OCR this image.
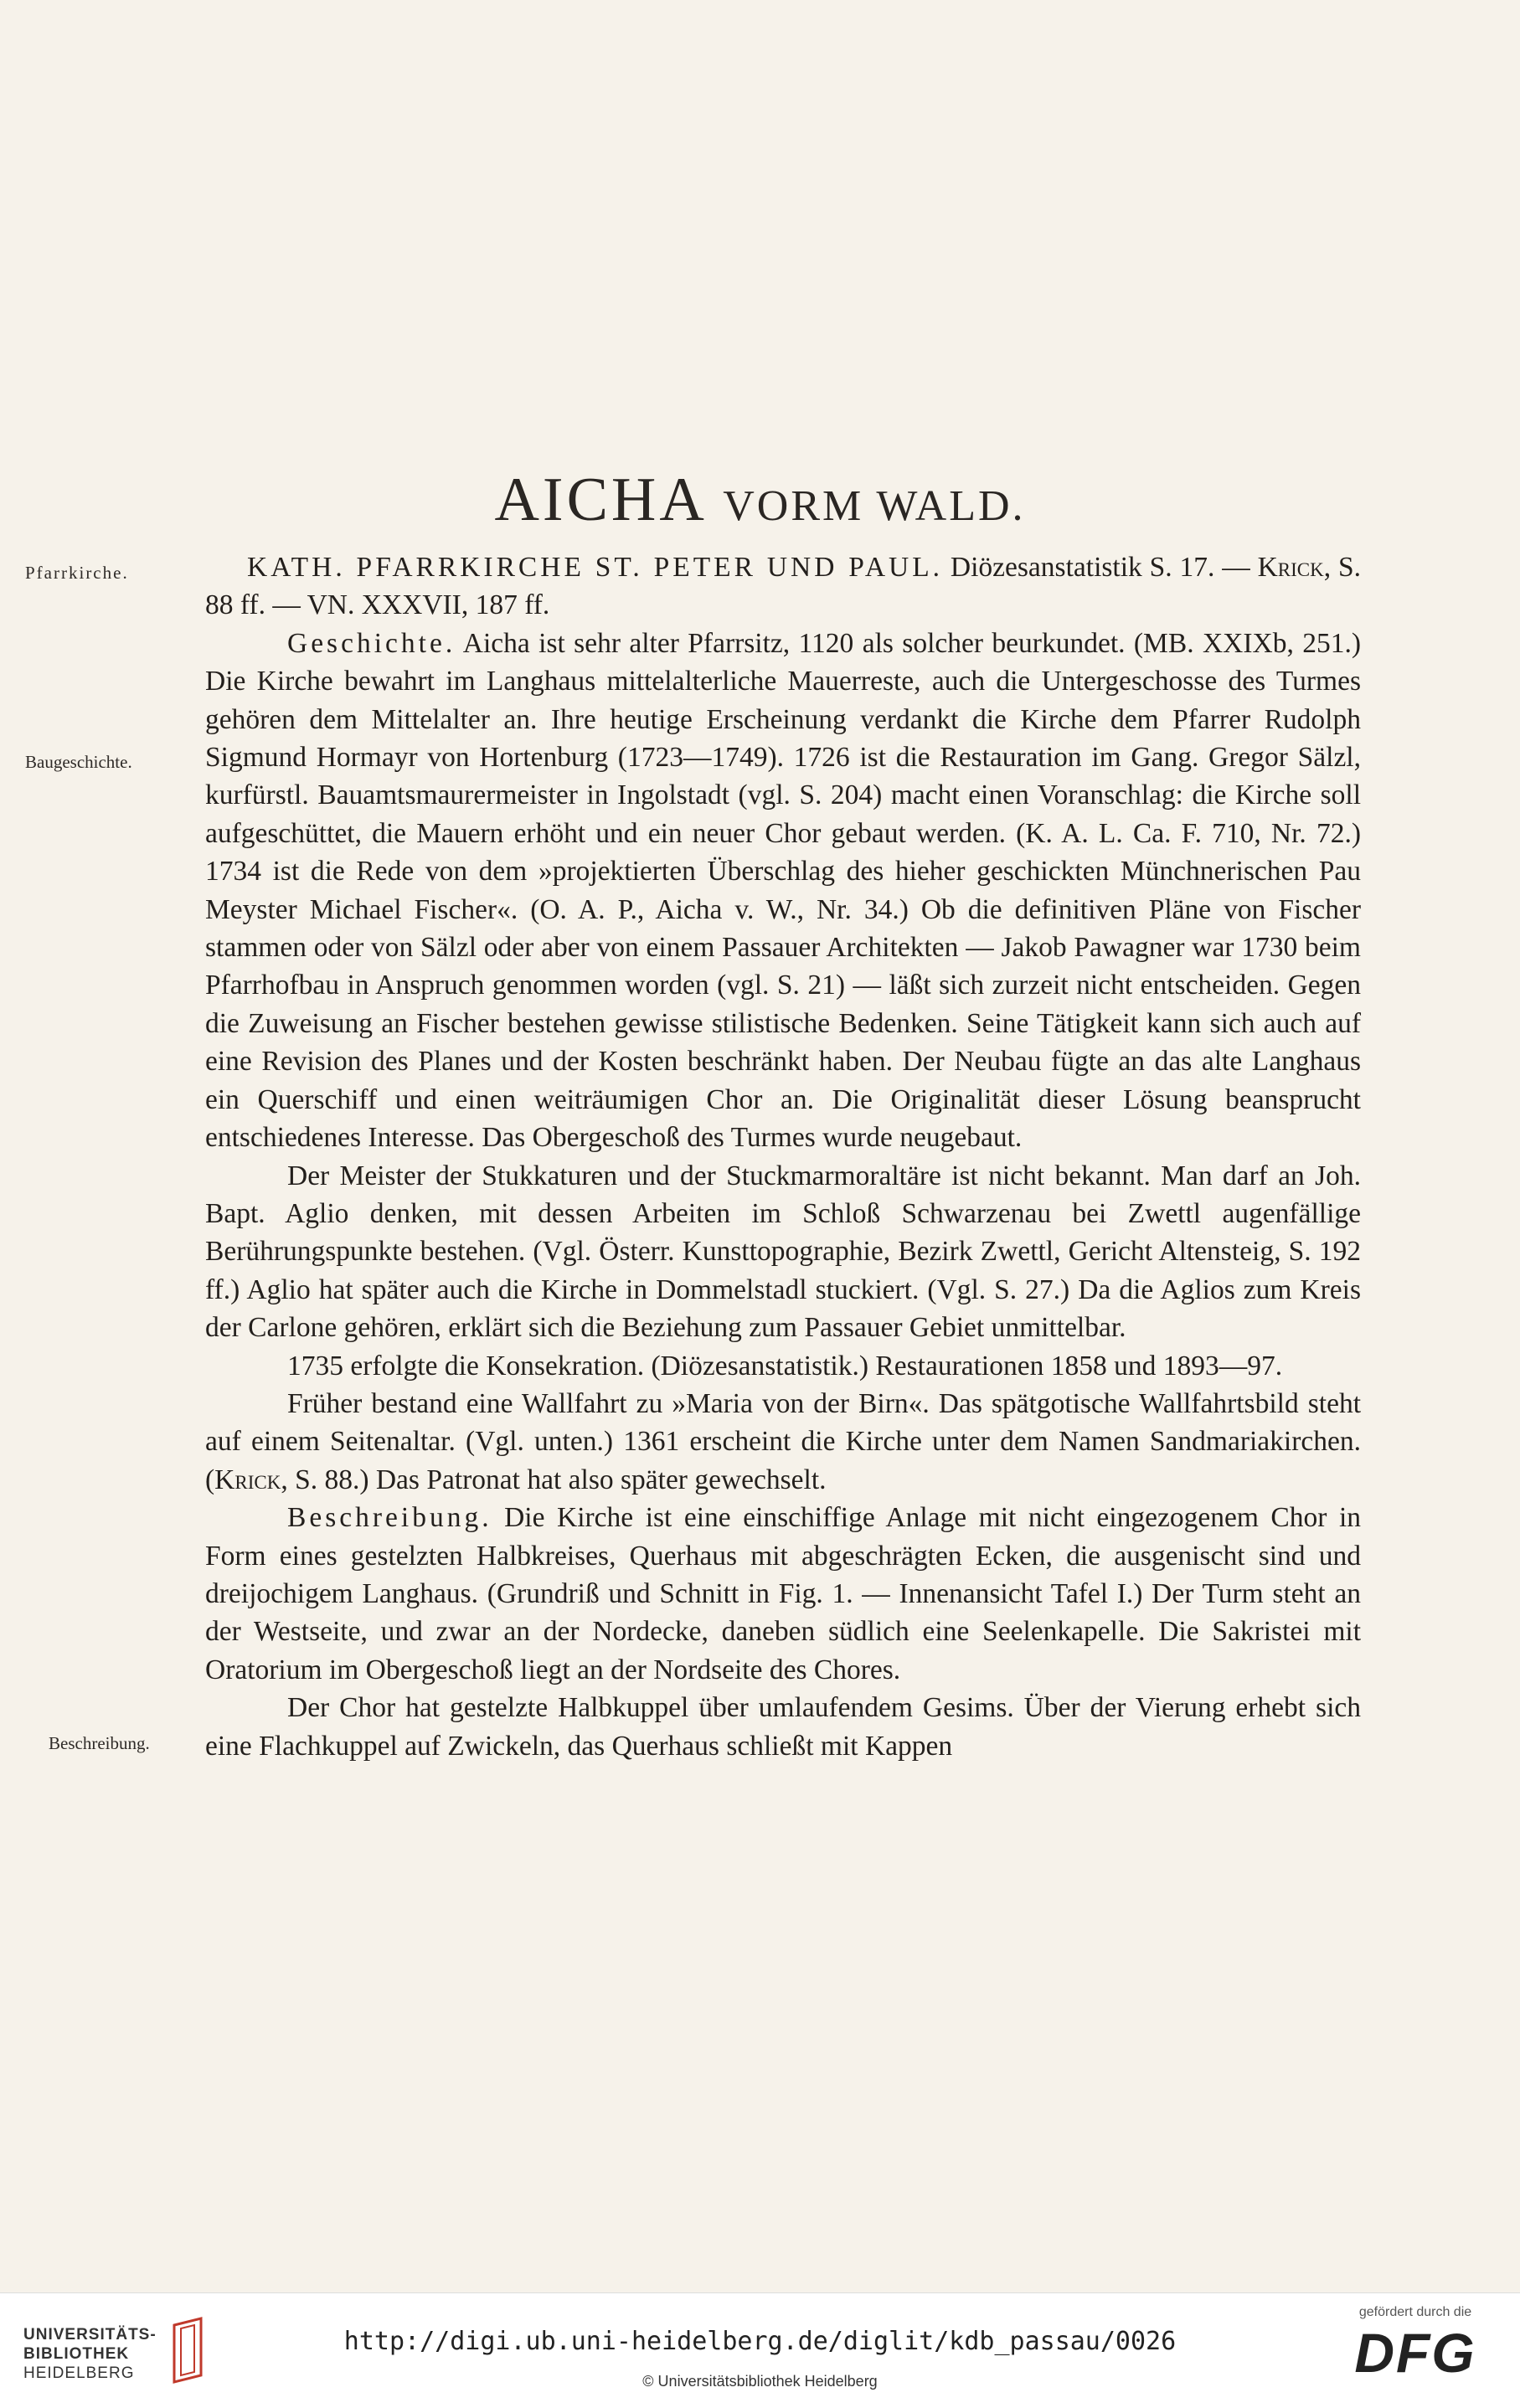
AICHA VORM WALD.
Pfarrkirche.
Baugeschichte.
Beschreibung.

KATH. PFARRKIRCHE ST. PETER UND PAUL. Diözesanstatistik S. 17. — Krick, S. 88 ff. — VN. XXXVII, 187 ff.

Geschichte. Aicha ist sehr alter Pfarrsitz, 1120 als solcher beurkundet. (MB. XXIXb, 251.) Die Kirche bewahrt im Langhaus mittelalterliche Mauerreste, auch die Untergeschosse des Turmes gehören dem Mittelalter an. Ihre heutige Erscheinung verdankt die Kirche dem Pfarrer Rudolph Sigmund Hormayr von Hortenburg (1723—1749). 1726 ist die Restauration im Gang. Gregor Sälzl, kurfürstl. Bauamtsmaurermeister in Ingolstadt (vgl. S. 204) macht einen Voranschlag: die Kirche soll aufgeschüttet, die Mauern erhöht und ein neuer Chor gebaut werden. (K. A. L. Ca. F. 710, Nr. 72.) 1734 ist die Rede von dem »projektierten Überschlag des hieher geschickten Münchnerischen Pau Meyster Michael Fischer«. (O. A. P., Aicha v. W., Nr. 34.) Ob die definitiven Pläne von Fischer stammen oder von Sälzl oder aber von einem Passauer Architekten — Jakob Pawagner war 1730 beim Pfarrhofbau in Anspruch genommen worden (vgl. S. 21) — läßt sich zurzeit nicht entscheiden. Gegen die Zuweisung an Fischer bestehen gewisse stilistische Bedenken. Seine Tätigkeit kann sich auch auf eine Revision des Planes und der Kosten beschränkt haben. Der Neubau fügte an das alte Langhaus ein Querschiff und einen weiträumigen Chor an. Die Originalität dieser Lösung beansprucht entschiedenes Interesse. Das Obergeschoß des Turmes wurde neugebaut.

Der Meister der Stukkaturen und der Stuckmarmoraltäre ist nicht bekannt. Man darf an Joh. Bapt. Aglio denken, mit dessen Arbeiten im Schloß Schwarzenau bei Zwettl augenfällige Berührungspunkte bestehen. (Vgl. Österr. Kunsttopographie, Bezirk Zwettl, Gericht Altensteig, S. 192 ff.) Aglio hat später auch die Kirche in Dommelstadl stuckiert. (Vgl. S. 27.) Da die Aglios zum Kreis der Carlone gehören, erklärt sich die Beziehung zum Passauer Gebiet unmittelbar.

1735 erfolgte die Konsekration. (Diözesanstatistik.) Restaurationen 1858 und 1893—97.

Früher bestand eine Wallfahrt zu »Maria von der Birn«. Das spätgotische Wallfahrtsbild steht auf einem Seitenaltar. (Vgl. unten.) 1361 erscheint die Kirche unter dem Namen Sandmariakirchen. (Krick, S. 88.) Das Patronat hat also später gewechselt.

Beschreibung. Die Kirche ist eine einschiffige Anlage mit nicht eingezogenem Chor in Form eines gestelzten Halbkreises, Querhaus mit abgeschrägten Ecken, die ausgenischt sind und dreijochigem Langhaus. (Grundriß und Schnitt in Fig. 1. — Innenansicht Tafel I.) Der Turm steht an der Westseite, und zwar an der Nordecke, daneben südlich eine Seelenkapelle. Die Sakristei mit Oratorium im Obergeschoß liegt an der Nordseite des Chores.

Der Chor hat gestelzte Halbkuppel über umlaufendem Gesims. Über der Vierung erhebt sich eine Flachkuppel auf Zwickeln, das Querhaus schließt mit Kappen

UNIVERSITÄTS-
BIBLIOTHEK
HEIDELBERG
http://digi.ub.uni-heidelberg.de/diglit/kdb_passau/0026
© Universitätsbibliothek Heidelberg
gefördert durch die
DFG
